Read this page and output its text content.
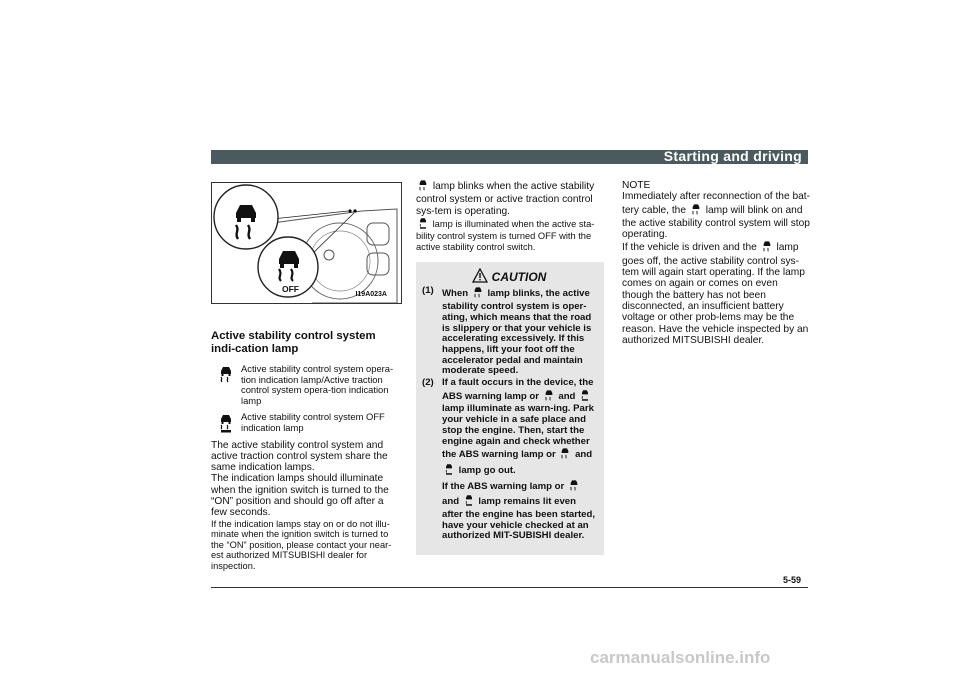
Starting and driving
OFF
I19A023A
Active stability control system indi-cation lamp
Active stability control system opera-tion indication lamp/Active traction control system opera-tion indication lamp
Active stability control system OFF indication lamp

The active stability control system and active traction control system share the same indication lamps.

The indication lamps should illuminate when the ignition switch is turned to the “ON” position and should go off after a few seconds.

If the indication lamps stay on or do not illu-minate when the ignition switch is turned to the “ON” position, please contact your near-est authorized MITSUBISHI dealer for inspection.

lamp blinks when the active stability control system or active traction control sys-tem is operating.

lamp is illuminated when the active sta-bility control system is turned OFF with the active stability control switch.

CAUTION
(1) When lamp blinks, the active stability control system is oper-ating, which means that the road is slippery or that your vehicle is accelerating excessively. If this happens, lift your foot off the accelerator pedal and maintain moderate speed.
(2) If a fault occurs in the device, the ABS warning lamp or and  lamp illuminate as warn-ing. Park your vehicle in a safe place and stop the engine. Then, start the engine again and check whether the ABS warning lamp or and  lamp go out.
If the ABS warning lamp or  and lamp remains lit even after the engine has been started, have your vehicle checked at an authorized MIT-SUBISHI dealer.
NOTE

Immediately after reconnection of the bat-tery cable, the lamp will blink on and the active stability control system will stop operating.

If the vehicle is driven and the lamp goes off, the active stability control sys-tem will again start operating. If the lamp comes on again or comes on even though the battery has not been disconnected, an insufficient battery voltage or other prob-lems may be the reason. Have the vehicle inspected by an authorized MITSUBISHI dealer.

5-59
carmanualsonline.info
